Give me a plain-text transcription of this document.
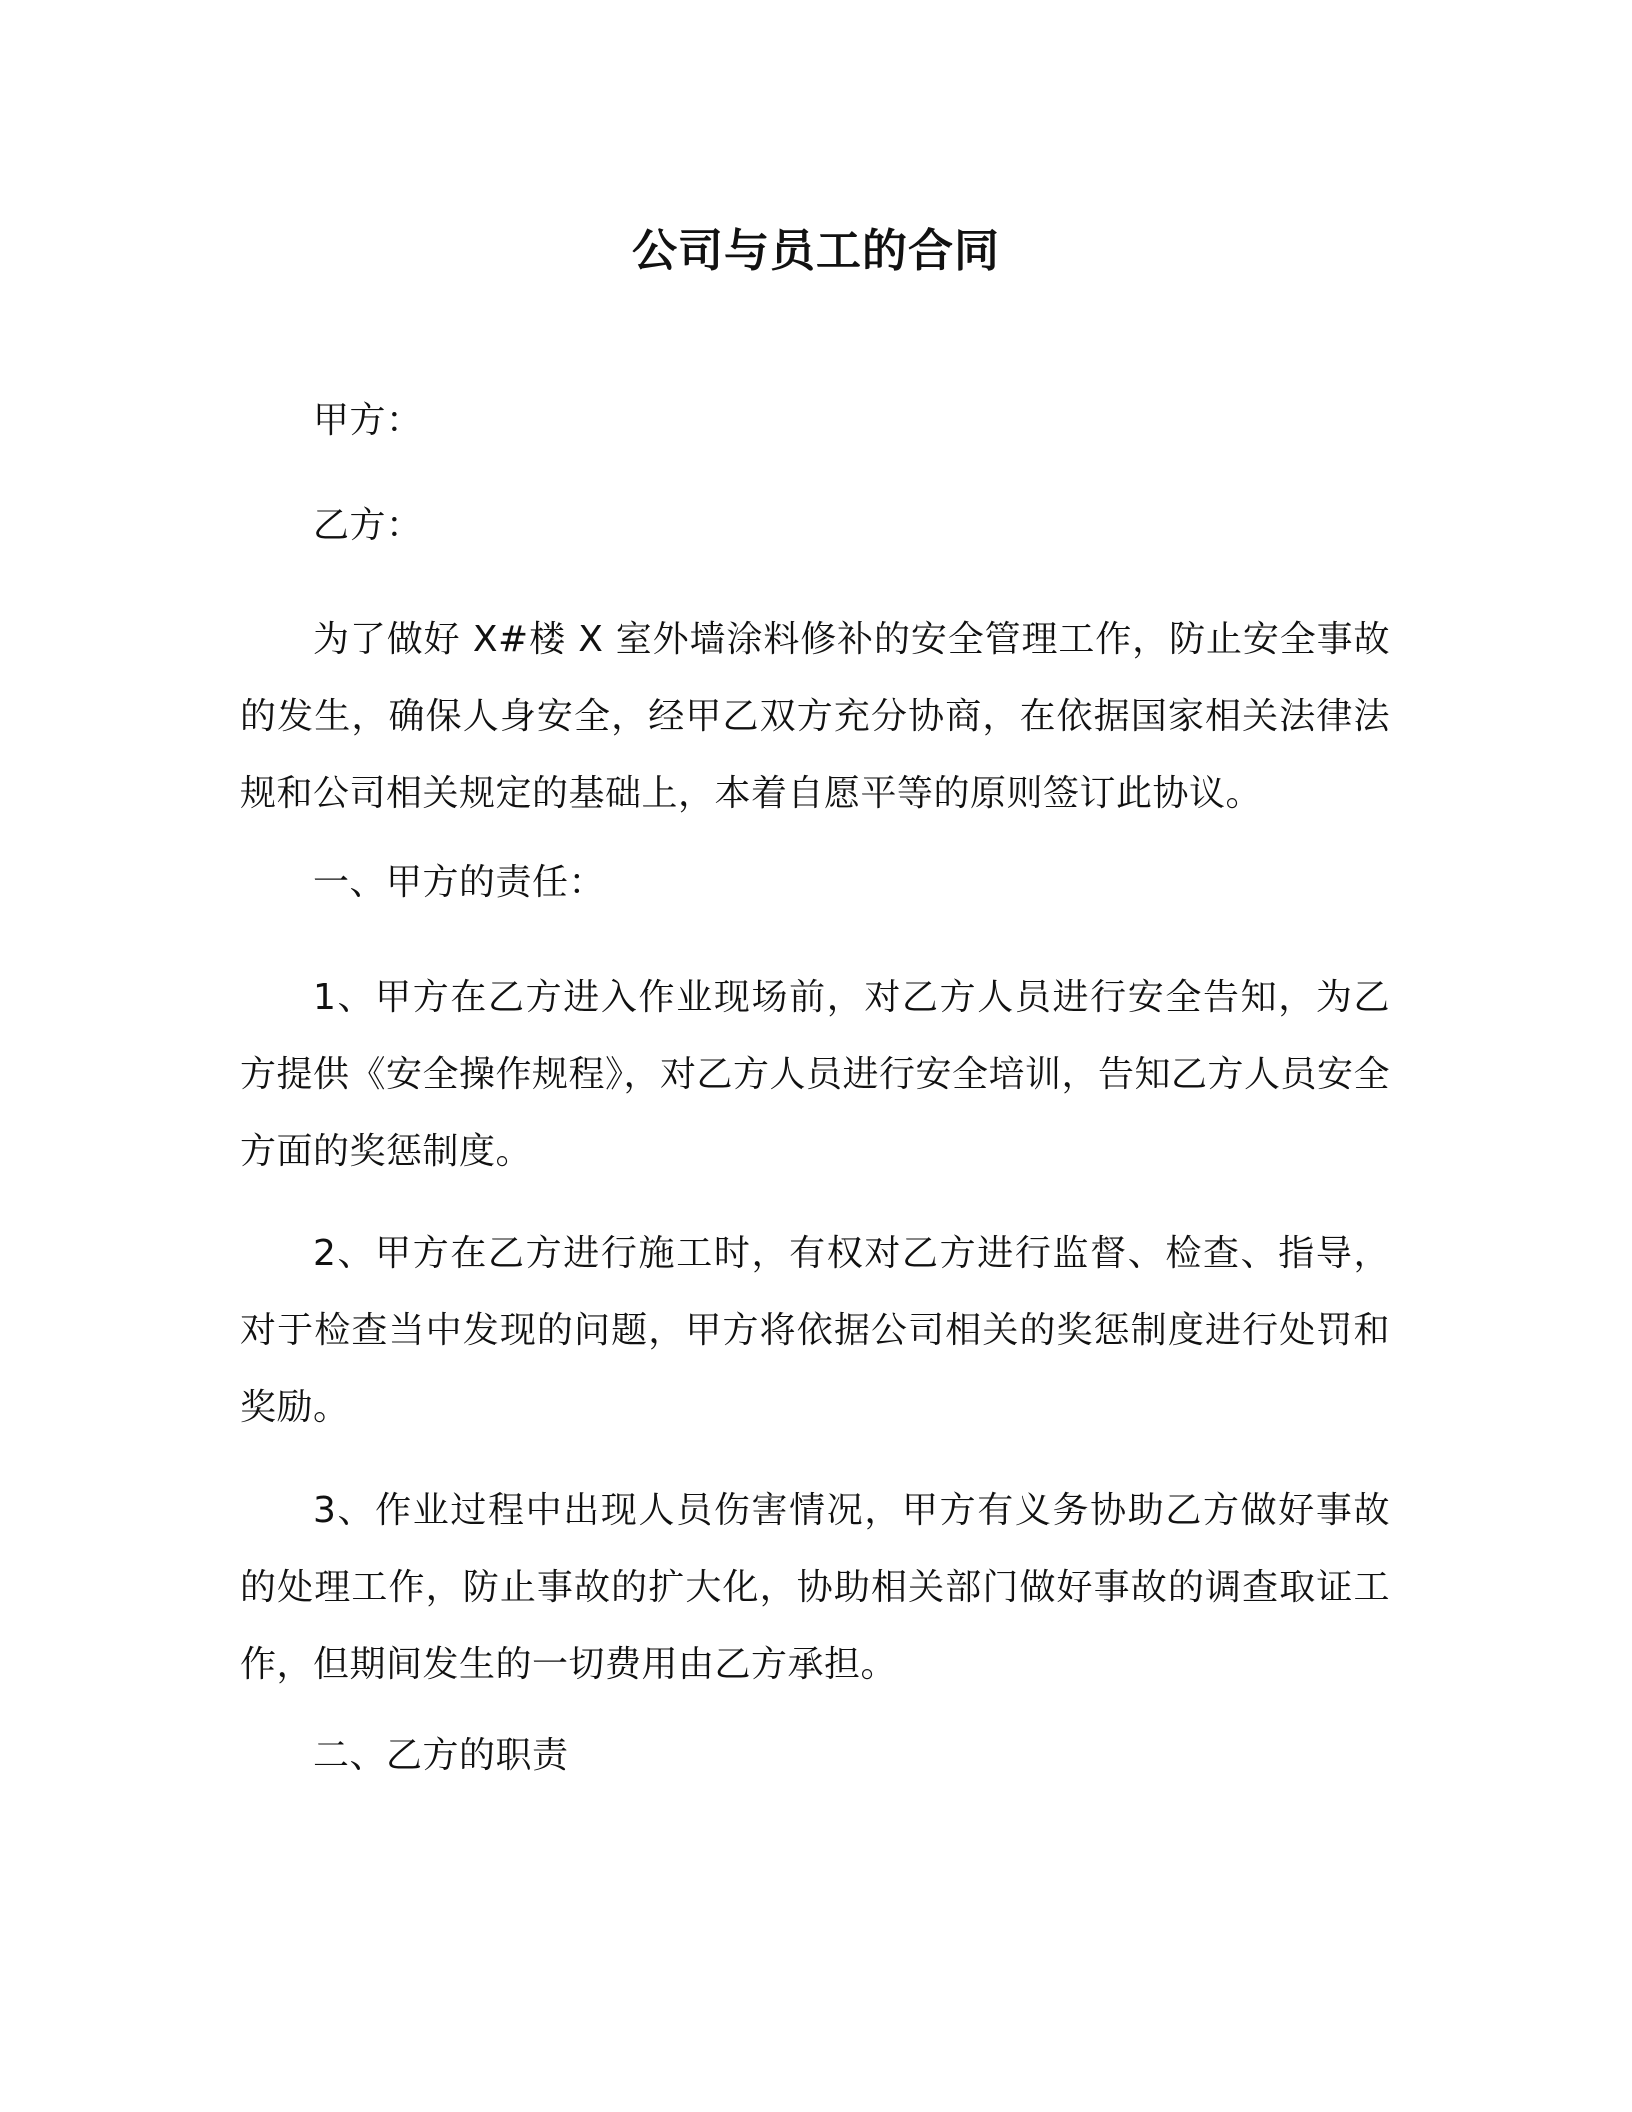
公司与员工的合同
甲方：
乙方：

为了做好 X#楼 X 室外墙涂料修补的安全管理工作，防止安全事故的发生，确保人身安全，经甲乙双方充分协商，在依据国家相关法律法规和公司相关规定的基础上，本着自愿平等的原则签订此协议。

一、甲方的责任：

1、甲方在乙方进入作业现场前，对乙方人员进行安全告知，为乙方提供《安全操作规程》，对乙方人员进行安全培训，告知乙方人员安全方面的奖惩制度。

2、甲方在乙方进行施工时，有权对乙方进行监督、检查、指导，对于检查当中发现的问题，甲方将依据公司相关的奖惩制度进行处罚和奖励。

3、作业过程中出现人员伤害情况，甲方有义务协助乙方做好事故的处理工作，防止事故的扩大化，协助相关部门做好事故的调查取证工作，但期间发生的一切费用由乙方承担。

二、乙方的职责
